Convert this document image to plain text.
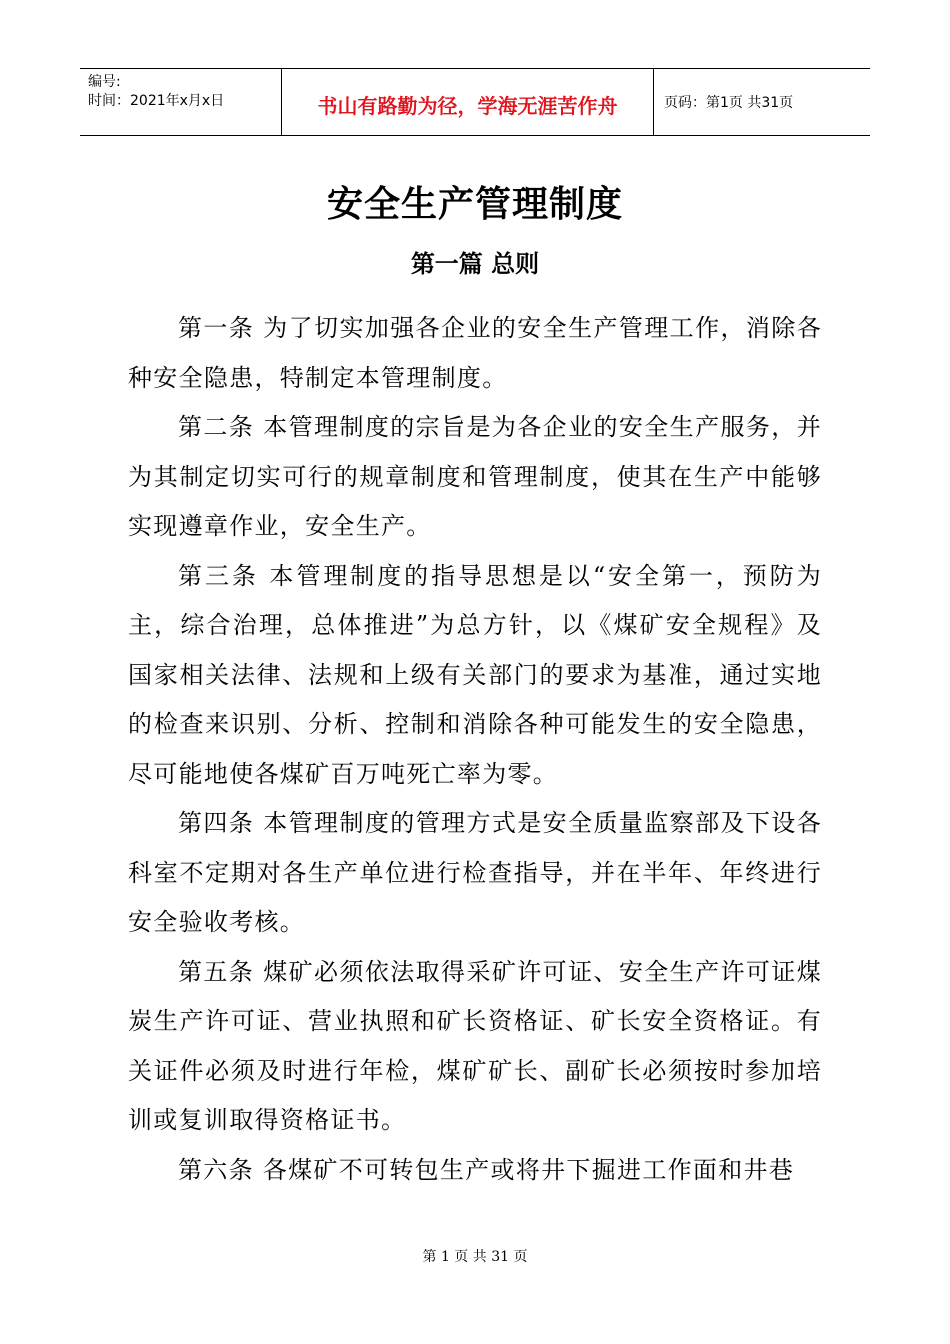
编号:
时间：2021年x月x日	书山有路勤为径，学海无涯苦作舟	页码：第1页 共31页
安全生产管理制度
第一篇 总则

第一条 为了切实加强各企业的安全生产管理工作，消除各种安全隐患，特制定本管理制度。

第二条 本管理制度的宗旨是为各企业的安全生产服务，并为其制定切实可行的规章制度和管理制度，使其在生产中能够实现遵章作业，安全生产。

第三条 本管理制度的指导思想是以“安全第一，预防为主，综合治理，总体推进”为总方针，以《煤矿安全规程》及国家相关法律、法规和上级有关部门的要求为基准，通过实地的检查来识别、分析、控制和消除各种可能发生的安全隐患，尽可能地使各煤矿百万吨死亡率为零。

第四条 本管理制度的管理方式是安全质量监察部及下设各科室不定期对各生产单位进行检查指导，并在半年、年终进行安全验收考核。

第五条 煤矿必须依法取得采矿许可证、安全生产许可证煤炭生产许可证、营业执照和矿长资格证、矿长安全资格证。有关证件必须及时进行年检，煤矿矿长、副矿长必须按时参加培训或复训取得资格证书。

第六条 各煤矿不可转包生产或将井下掘进工作面和井巷

第 1 页 共 31 页
